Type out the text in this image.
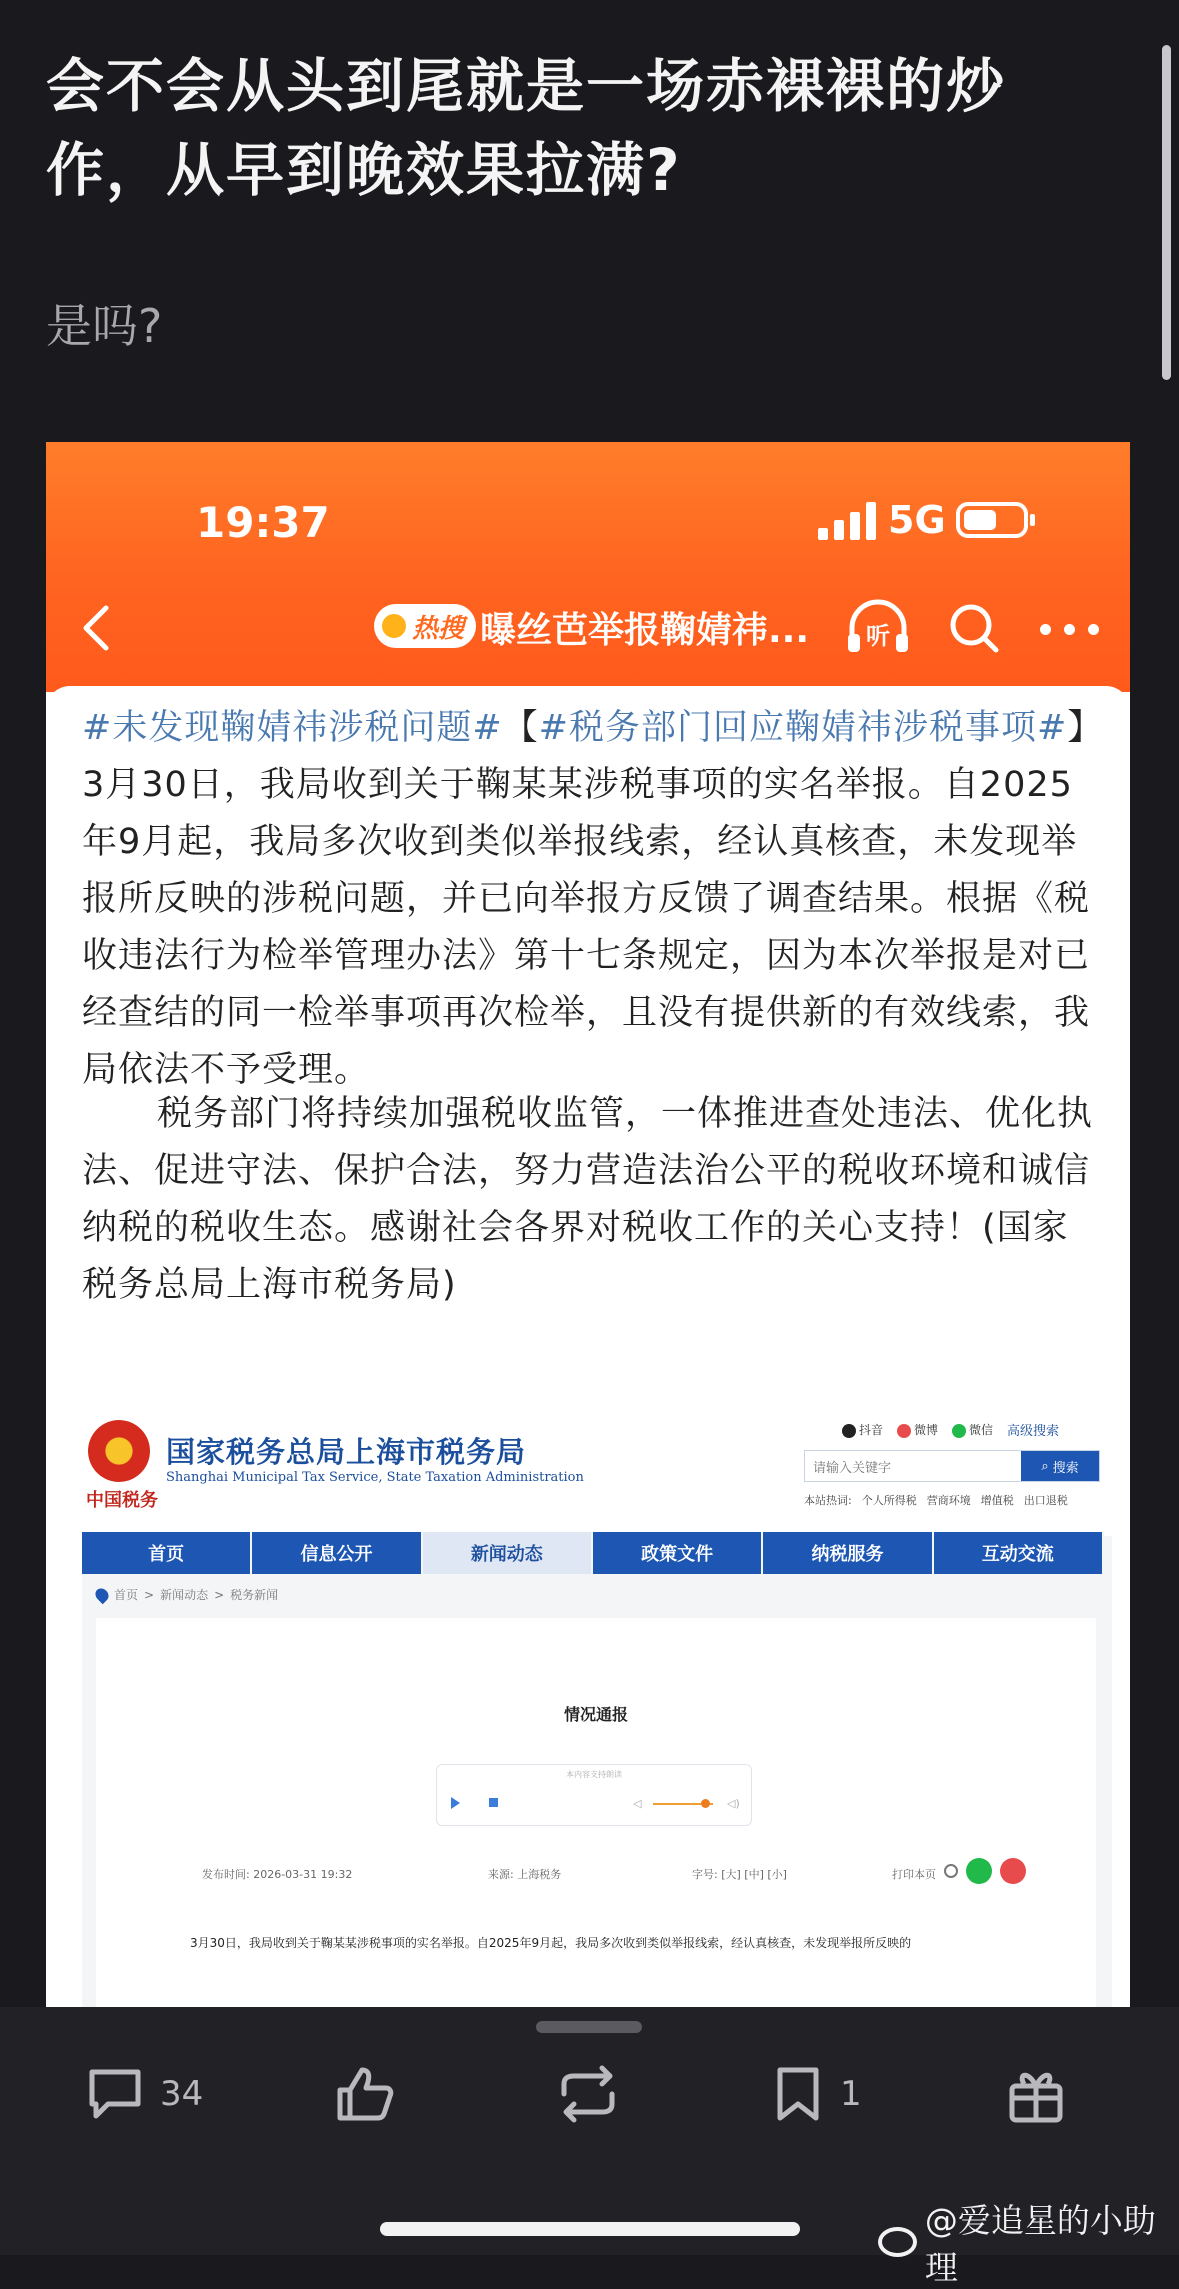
会不会从头到尾就是一场赤裸裸的炒作，从早到晚效果拉满?

是吗?

19:37	5G
热搜 曝丝芭举报鞠婧祎...	听

#未发现鞠婧祎涉税问题#【#税务部门回应鞠婧祎涉税事项#】3月30日，我局收到关于鞠某某涉税事项的实名举报。自2025年9月起，我局多次收到类似举报线索，经认真核查，未发现举报所反映的涉税问题，并已向举报方反馈了调查结果。根据《税收违法行为检举管理办法》第十七条规定，因为本次举报是对已经查结的同一检举事项再次检举，且没有提供新的有效线索，我局依法不予受理。

税务部门将持续加强税收监管，一体推进查处违法、优化执法、促进守法、保护合法，努力营造法治公平的税收环境和诚信纳税的税收生态。感谢社会各界对税收工作的关心支持！(国家税务总局上海市税务局)

中国税务
国家税务总局上海市税务局
Shanghai Municipal Tax Service, State Taxation Administration
抖音	微博	微信 高级搜索
请输入关键字	⌕ 搜索
本站热词: 个人所得税 营商环境 增值税 出口退税
首页	信息公开	新闻动态	政策文件	纳税服务	互动交流
首页 > 新闻动态 > 税务新闻
情况通报
本内容支持朗读
◁	◁)
发布时间: 2026-03-31 19:32	来源: 上海税务	字号: [大] [中] [小]	打印本页
3月30日，我局收到关于鞠某某涉税事项的实名举报。自2025年9月起，我局多次收到类似举报线索，经认真核查，未发现举报所反映的
34	1
@爱追星的小助理
